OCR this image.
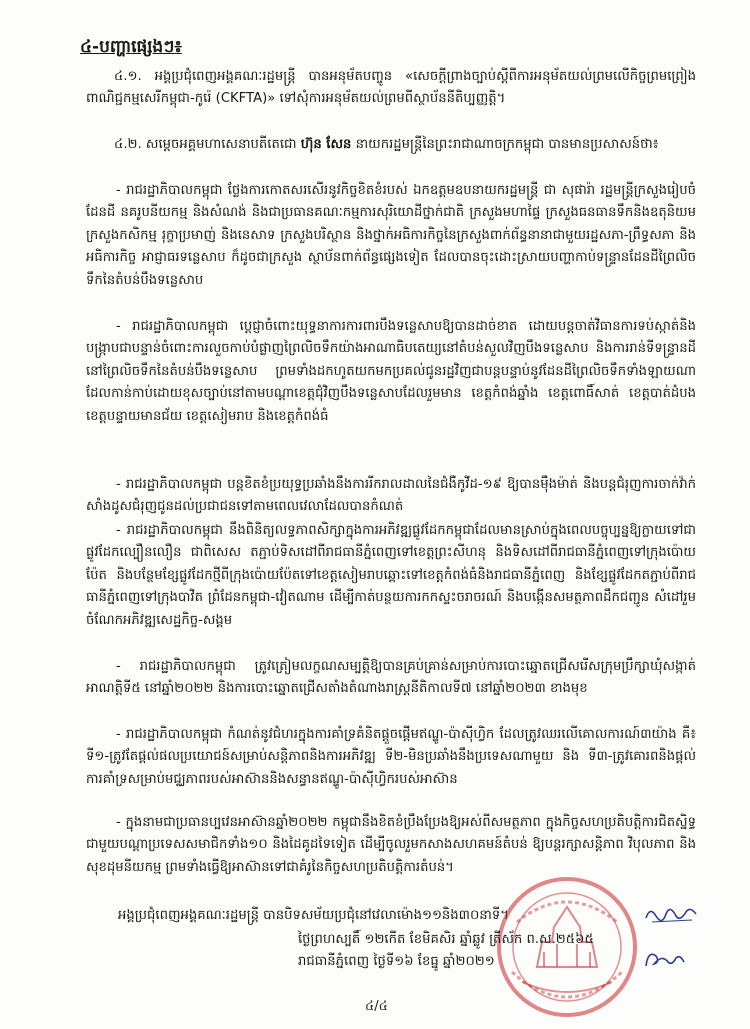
៤-បញ្ហាផ្សេងៗ៖

៤.១. អង្គប្រជុំពេញអង្គគណៈរដ្ឋមន្ត្រី បានអនុម័តបញ្ចូន «សេចក្ដីព្រាងច្បាប់ស្ដីពីការអនុម័តយល់ព្រមលើកិច្ចព្រមព្រៀងពាណិជ្ជកម្មសេរីកម្ពុជា-កូរ៉េ (CKFTA)» ទៅសុំការអនុម័តយល់ព្រមពីស្ថាប័ននីតិប្បញ្ញត្តិ។

៤.២. សម្ដេចអគ្គមហាសេនាបតីតេជោ ហ៊ុន សែន នាយករដ្ឋមន្ត្រីនៃព្រះរាជាណាចក្រកម្ពុជា បានមានប្រសាសន៍ថា៖

- រាជរដ្ឋាភិបាលកម្ពុជា ថ្លែងការកោតសរសើរនូវកិច្ចខិតខំរបស់ ឯកឧត្តមឧបនាយករដ្ឋមន្ត្រី ជា សុផារ៉ា រដ្ឋមន្ត្រីក្រសួងរៀបចំដែនដី នគរូបនីយកម្ម និងសំណង់ និងជាប្រធានគណៈកម្មការសុរិយោដីថ្នាក់ជាតិ ក្រសួងមហាផ្ទៃ ក្រសួងធនធានទឹកនិងឧតុនិយម ក្រសួងកសិកម្ម រុក្ខាប្រមាញ់ និងនេសាទ ក្រសួងបរិស្ថាន និងថ្នាក់អធិការកិច្ចនៃក្រសួងពាក់ព័ន្ធនានាជាមួយរដ្ឋសភា-ព្រឹទ្ធសភា និងអធិការកិច្ច អាជ្ញាធរទន្លេសាប ក៏ដូចជាក្រសួង ស្ថាប័នពាក់ព័ន្ធផ្សេងទៀត ដែលបានចុះដោះស្រាយបញ្ហាកាប់ទន្ទ្រានដែនដីព្រៃលិចទឹកនៃតំបន់បឹងទន្លេសាប

- រាជរដ្ឋាភិបាលកម្ពុជា ប្ដេជ្ញាចំពោះយុទ្ធនាការការពារបឹងទន្លេសាបឱ្យបានដាច់ខាត ដោយបន្តចាត់វិធានការទប់ស្កាត់និងបង្ក្រាបជាបន្ទាន់ចំពោះការលួចកាប់បំផ្លាញព្រៃលិចទឹកយ៉ាងអាណាធិបតេយ្យនៅតំបន់សួលវិញបឹងទន្លេសាប និងការរាន់ទីទន្ទ្រានដីនៅព្រៃលិចទឹកនៃតំបន់បឹងទន្លេសាប ព្រមទាំងដកហូតយកមកប្រគល់ជូនរដ្ឋវិញជាបន្តបន្ទាប់នូវដែនដីព្រៃលិចទឹកទាំងឡាយណាដែលកាន់កាប់ដោយខុសច្បាប់នៅតាមបណ្ដាខេត្តជុំវិញបឹងទន្លេសាបដែលរួមមាន ខេត្តកំពង់ឆ្នាំង ខេត្តពោធិ៍សាត់ ខេត្តបាត់ដំបង ខេត្តបន្ទាយមានជ័យ ខេត្តសៀមរាប និងខេត្តកំពង់ធំ

- រាជរដ្ឋាភិបាលកម្ពុជា បន្តខិតខំប្រយុទ្ធប្រឆាំងនឹងការរីករាលដាលនៃជំងឺកូវីដ-១៩ ឱ្យបានម៉ឺងម៉ាត់ និងបន្តជំរុញការចាក់វ៉ាក់សាំងដូសជំរុញជូនដល់ប្រជាជនទៅតាមពេលវេលាដែលបានកំណត់

- រាជរដ្ឋាភិបាលកម្ពុជា នឹងពិនិត្យលទ្ធភាពសិក្សាក្នុងការអភិវឌ្ឍផ្លូវដែកកម្ពុជាដែលមានស្រាប់ក្នុងពេលបច្ចុប្បន្នឱ្យក្លាយទៅជាផ្លូវដែកល្បឿនលឿន ជាពិសេស តភ្ជាប់ទិសដៅពីរាជធានីភ្នំពេញទៅខេត្តព្រះសីហនុ និងទិសដៅពីរាជធានីភ្នំពេញទៅក្រុងប៉ោយប៉ែត និងបន្ថែមខ្សែផ្លូវដែកថ្មីពីក្រុងប៉ោយប៉ែតទៅខេត្តសៀមរាបឆ្ពោះទៅខេត្តកំពង់ធំនិងរាជធានីភ្នំពេញ និងខ្សែផ្លូវដែកតភ្ជាប់ពីរាជធានីភ្នំពេញទៅក្រុងបាវិត ព្រំដែនកម្ពុជា-វៀតណាម ដើម្បីកាត់បន្ថយការកកស្ទះចរាចរណ៍ និងបង្កើនសមត្ថភាពដឹកជញ្ជូន សំដៅរួមចំណែកអភិវឌ្ឍសេដ្ឋកិច្ច-សង្គម

- រាជរដ្ឋាភិបាលកម្ពុជា ត្រូវត្រៀមលក្ខណសម្បត្តិឱ្យបានគ្រប់គ្រាន់សម្រាប់ការបោះឆ្នោតជ្រើសរើសក្រុមប្រឹក្សាឃុំសង្កាត់ អាណត្តិទី៥ នៅឆ្នាំ២០២២ និងការបោះឆ្នោតជ្រើសតាំងតំណាងរាស្ត្រនីតិកាលទី៧ នៅឆ្នាំ២០២៣ ខាងមុខ

- រាជរដ្ឋាភិបាលកម្ពុជា កំណត់នូវជំហរក្នុងការគាំទ្រគំនិតផ្ដួចផ្ដើមឥណ្ឌូ-ប៉ាស៊ីហ្វិក ដែលត្រូវឈរលើគោលការណ៍៣យ៉ាង គឺ៖ ទី១-ត្រូវតែផ្ដល់ផលប្រយោជន៍សម្រាប់សន្តិភាពនិងការអភិវឌ្ឍ ទី២-មិនប្រឆាំងនឹងប្រទេសណាមួយ និង ទី៣-ត្រូវគោរពនិងផ្ដល់ការគាំទ្រសម្រាប់មជ្ឈភាពរបស់អាស៊ាននិងសន្ធានឥណ្ឌូ-ប៉ាស៊ីហ្វិករបស់អាស៊ាន

- ក្នុងនាមជាប្រធានប្បវេនអាស៊ានឆ្នាំ២០២២ កម្ពុជានឹងខិតខំប្រឹងប្រែងឱ្យអស់ពីសមត្ថភាព ក្នុងកិច្ចសហប្រតិបត្តិការជិតស្និទ្ធជាមួយបណ្ដាប្រទេសសមាជិកទាំង១០ និងដៃគូដទៃទៀត ដើម្បីចូលរួមកសាងសហគមន៍តំបន់ ឱ្យបន្តរក្សាសន្តិភាព វិបុលភាព និងសុខដុមនីយកម្ម ព្រមទាំងធ្វើឱ្យអាស៊ានទៅជាគំរូនៃកិច្ចសហប្រតិបត្តិការតំបន់។

អង្គប្រជុំពេញអង្គគណៈរដ្ឋមន្ត្រី បានបិទសម័យប្រជុំនៅវេលាម៉ោង១១និង៣០នាទី។
ថ្ងៃព្រហស្បតិ៍ ១២កើត ខែមិគសិរ ឆ្នាំឆ្លូវ ត្រីស័ក ព.ស.២៥៦៥
រាជធានីភ្នំពេញ ថ្ងៃទី១៦ ខែធ្នូ ឆ្នាំ២០២១
៤/៤
